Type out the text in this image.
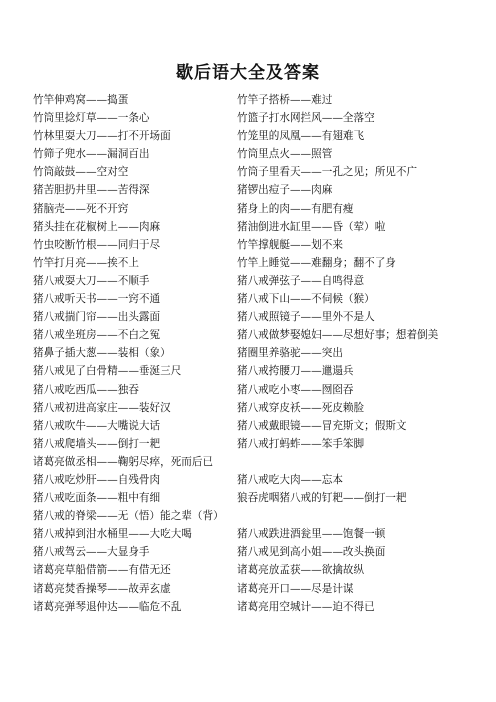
歇后语大全及答案
竹竿伸鸡窝——捣蛋	竹竿子搭桥——难过
竹筒里捻灯草——一条心	竹篮子打水网拦风——全落空
竹林里耍大刀——打不开场面	竹笼里的凤凰——有翅难飞
竹筛子兜水——漏洞百出	竹筒里点火——照管
竹筒敲鼓——空对空	竹筒子里看天——一孔之见；所见不广
猪苦胆扔井里——苦得深	猪锣出痘子——肉麻
猪脑壳——死不开窍	猪身上的肉——有肥有瘦
猪头挂在花椒树上——肉麻	猪油倒进水缸里——昏（荤）啦
竹虫咬断竹根——同归于尽	竹竿撑舰艇——划不来
竹竿打月亮——挨不上	竹竿上睡觉——难翻身；翻不了身
猪八戒耍大刀——不顺手	猪八戒弹弦子——自鸣得意
猪八戒听天书——一窍不通	猪八戒下山——不伺候（猴）
猪八戒揣门帘——出头露面	猪八戒照镜子——里外不是人
猪八戒坐班房——不白之冤	猪八戒做梦娶媳妇——尽想好事；想着倒美
猪鼻子插大葱——装相（象）	猪圈里养骆驼——突出
猪八戒见了白骨精——垂涎三尺	猪八戒挎腰刀——邋遢兵
猪八戒吃西瓜——独吞	猪八戒吃小枣——囫囵吞
猪八戒初进高家庄——装好汉	猪八戒穿皮袄——死皮赖脸
猪八戒吹牛——大嘴说大话	猪八戒戴眼镜——冒充斯文；假斯文
猪八戒爬墙头——倒打一耙	猪八戒打蚂蚱——笨手笨脚
诸葛亮做丞相——鞠躬尽瘁，死而后已
猪八戒吃炒肝——自残骨肉	猪八戒吃大肉——忘本
猪八戒吃面条——粗中有细	狼吞虎咽猪八戒的钉耙——倒打一耙
猪八戒的脊梁——无（悟）能之辈（背）
猪八戒掉到泔水桶里——大吃大喝	猪八戒跌进酒瓮里——饱餐一顿
猪八戒驾云——大显身手	猪八戒见到高小姐——改头换面
诸葛亮草船借箭——有借无还	诸葛亮放孟获——欲擒故纵
诸葛亮焚香操琴——故弄玄虚	诸葛亮开口——尽是计谋
诸葛亮弹琴退仲达——临危不乱	诸葛亮用空城计——迫不得已
